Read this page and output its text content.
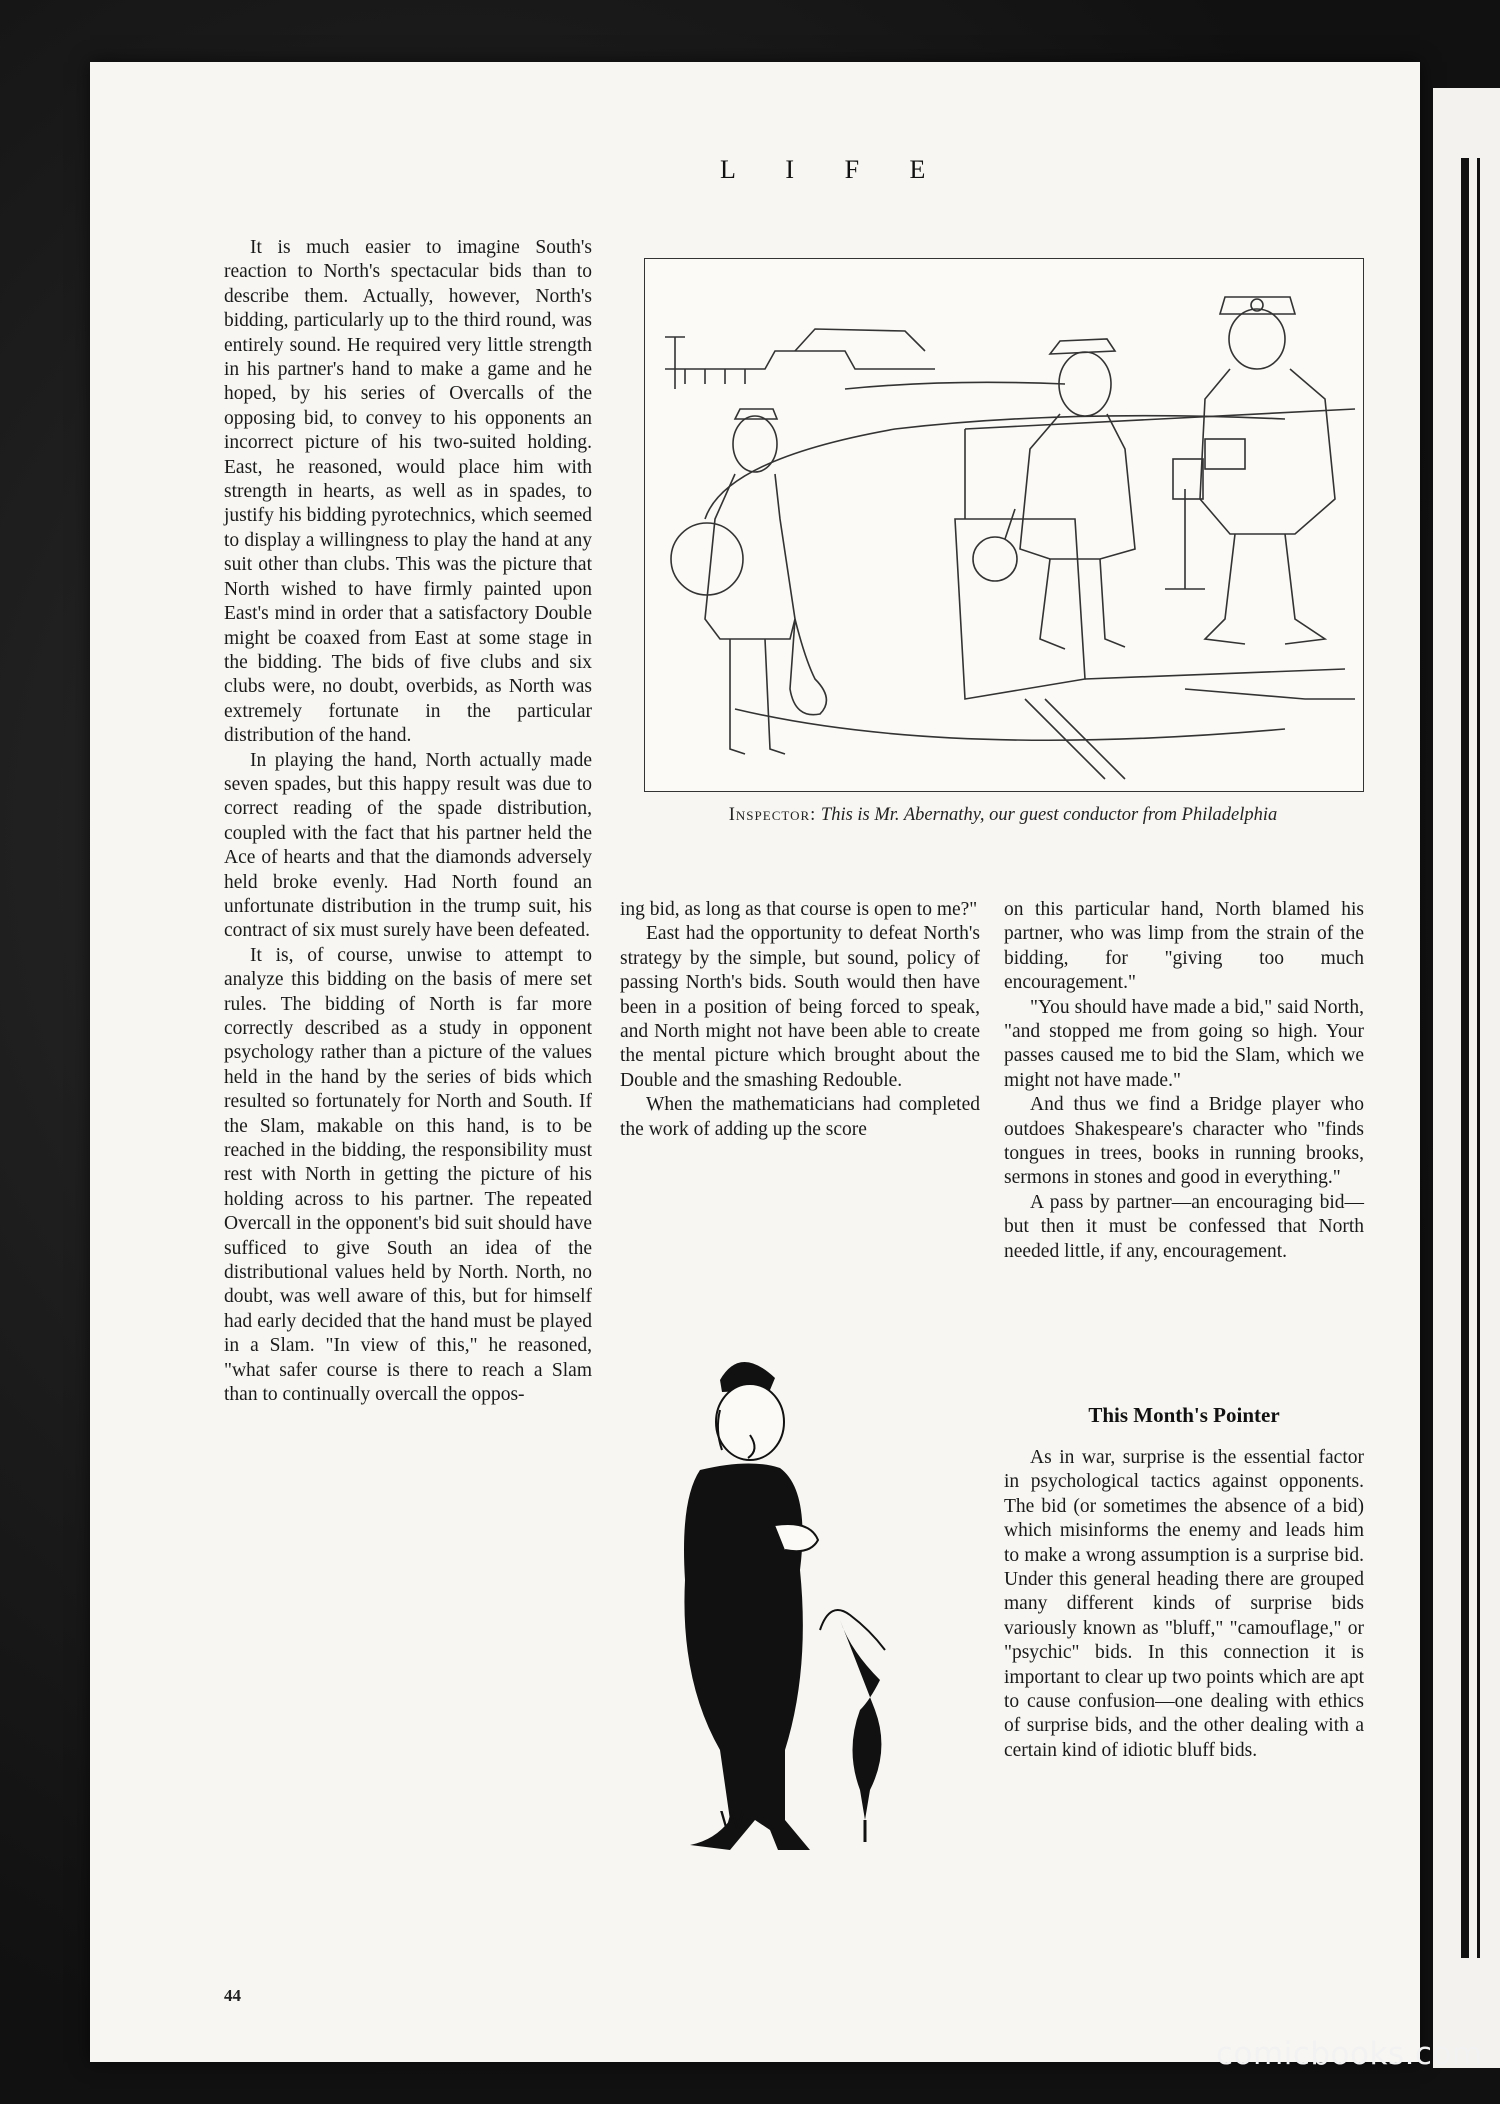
L I F E

It is much easier to imagine South's reaction to North's spectacular bids than to describe them. Actually, however, North's bidding, particularly up to the third round, was entirely sound. He required very little strength in his partner's hand to make a game and he hoped, by his series of Overcalls of the opposing bid, to convey to his opponents an incorrect picture of his two-suited holding. East, he reasoned, would place him with strength in hearts, as well as in spades, to justify his bidding pyrotechnics, which seemed to display a willingness to play the hand at any suit other than clubs. This was the picture that North wished to have firmly painted upon East's mind in order that a satisfactory Double might be coaxed from East at some stage in the bidding. The bids of five clubs and six clubs were, no doubt, overbids, as North was extremely fortunate in the particular distribution of the hand.

In playing the hand, North actually made seven spades, but this happy result was due to correct reading of the spade distribution, coupled with the fact that his partner held the Ace of hearts and that the diamonds adversely held broke evenly. Had North found an unfortunate distribution in the trump suit, his contract of six must surely have been defeated.

It is, of course, unwise to attempt to analyze this bidding on the basis of mere set rules. The bidding of North is far more correctly described as a study in opponent psychology rather than a picture of the values held in the hand by the series of bids which resulted so fortunately for North and South. If the Slam, makable on this hand, is to be reached in the bidding, the responsibility must rest with North in getting the picture of his holding across to his partner. The repeated Overcall in the opponent's bid suit should have sufficed to give South an idea of the distributional values held by North. North, no doubt, was well aware of this, but for himself had early decided that the hand must be played in a Slam. "In view of this," he reasoned, "what safer course is there to reach a Slam than to continually overcall the oppos-

Inspector: This is Mr. Abernathy, our guest conductor from Philadelphia

ing bid, as long as that course is open to me?"

East had the opportunity to defeat North's strategy by the simple, but sound, policy of passing North's bids. South would then have been in a position of being forced to speak, and North might not have been able to create the mental picture which brought about the Double and the smashing Redouble.

When the mathematicians had completed the work of adding up the score

on this particular hand, North blamed his partner, who was limp from the strain of the bidding, for "giving too much encouragement."

"You should have made a bid," said North, "and stopped me from going so high. Your passes caused me to bid the Slam, which we might not have made."

And thus we find a Bridge player who outdoes Shakespeare's character who "finds tongues in trees, books in running brooks, sermons in stones and good in everything."

A pass by partner—an encouraging bid—but then it must be confessed that North needed little, if any, encouragement.

W
This Month's Pointer

As in war, surprise is the essential factor in psychological tactics against opponents. The bid (or sometimes the absence of a bid) which misinforms the enemy and leads him to make a wrong assumption is a surprise bid. Under this general heading there are grouped many different kinds of surprise bids variously known as "bluff," "camouflage," or "psychic" bids. In this connection it is important to clear up two points which are apt to cause confusion—one dealing with ethics of surprise bids, and the other dealing with a certain kind of idiotic bluff bids.

44
comicbooks.com
